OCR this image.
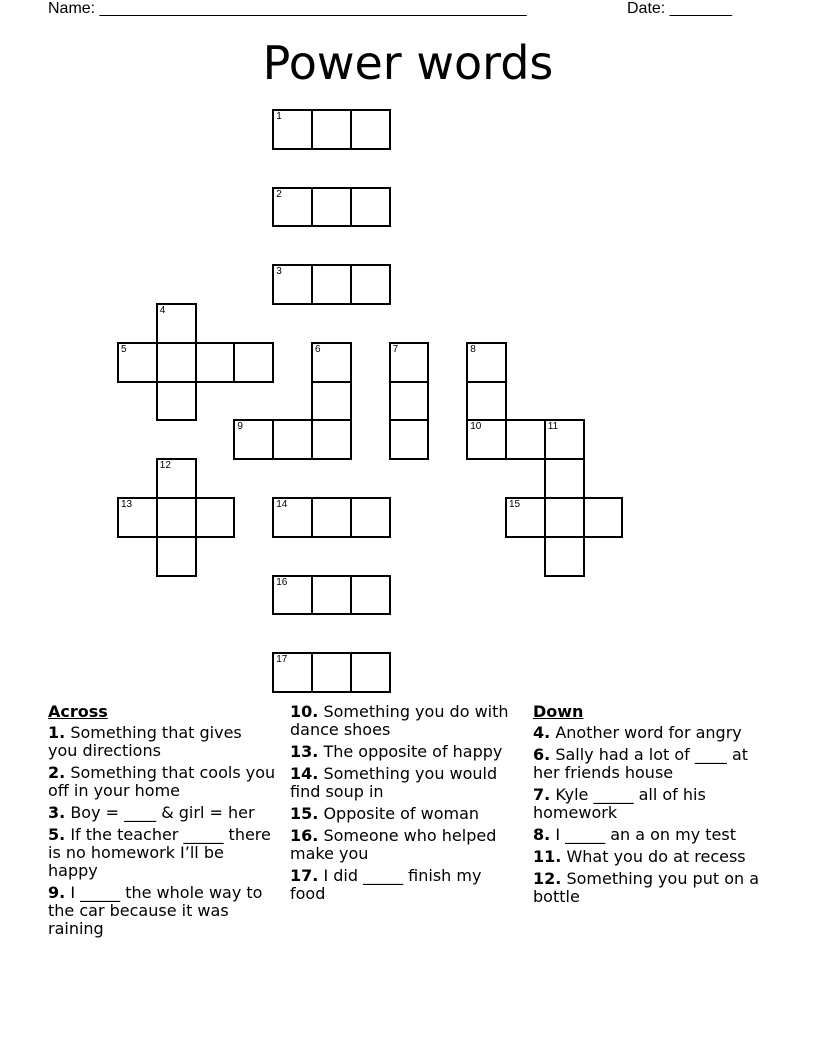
Name: ________________________________________________	Date: _______
Power words
1
2
3
4
5	6	7	8
10
9	11
12
13	14	15
16
17
Across
1. Something that gives you directions
2. Something that cools you off in your home
3. Boy = ____ & girl = her
5. If the teacher _____ there is no homework I’ll be happy
9. I _____ the whole way to the car because it was raining
10. Something you do with dance shoes
13. The opposite of happy
14. Something you would find soup in
15. Opposite of woman
16. Someone who helped make you
17. I did _____ finish my food
Down
4. Another word for angry
6. Sally had a lot of ____ at her friends house
7. Kyle _____ all of his homework
8. I _____ an a on my test
11. What you do at recess
12. Something you put on a bottle
